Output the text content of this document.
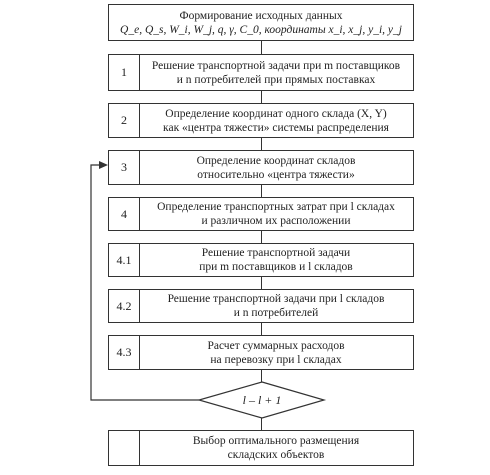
l – l + 1
Формирование исходных данных
Q_e, Q_s, W_i, W_j, q, γ, C_0, координаты x_i, x_j, y_i, y_j
1	Решение транспортной задачи при m поставщиков
и n потребителей при прямых поставках
2	Определение координат одного склада (X, Y)
как «центра тяжести» системы распределения
3	Определение координат складов
относительно «центра тяжести»
4	Определение транспортных затрат при l складах
и различном их расположении
4.1	Решение транспортной задачи
при m поставщиков и l складов
4.2	Решение транспортной задачи при l складов
и n потребителей
4.3	Расчет суммарных расходов
на перевозку при l складах
Выбор оптимального размещения
складских объектов
